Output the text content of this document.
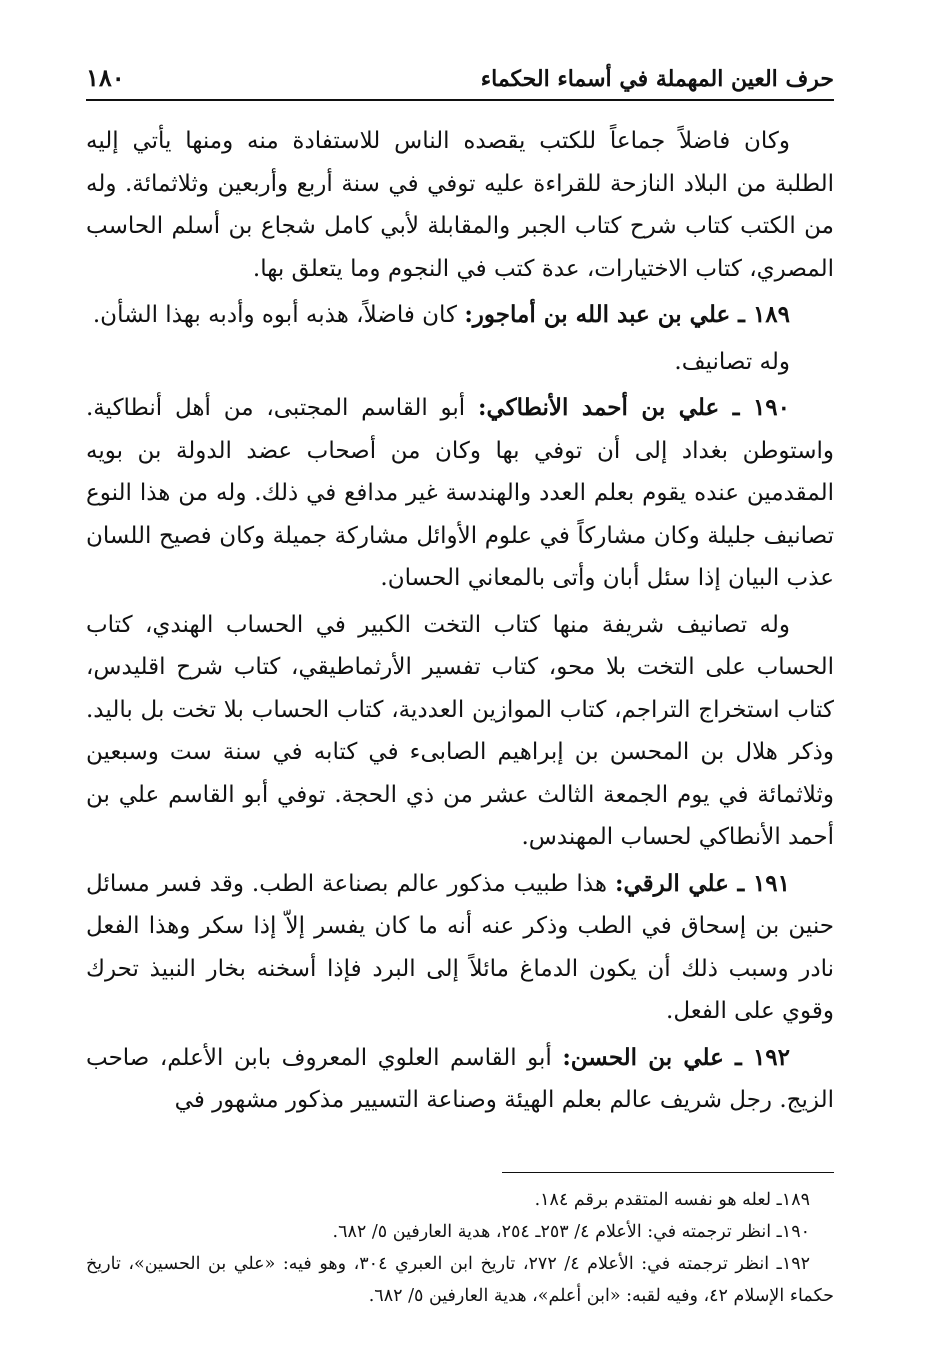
حرف العين المهملة في أسماء الحكماء
١٨٠

وكان فاضلاً جماعاً للكتب يقصده الناس للاستفادة منه ومنها يأتي إليه الطلبة من البلاد النازحة للقراءة عليه توفي في سنة أربع وأربعين وثلاثمائة. وله من الكتب كتاب شرح كتاب الجبر والمقابلة لأبي كامل شجاع بن أسلم الحاسب المصري، كتاب الاختيارات، عدة كتب في النجوم وما يتعلق بها.

١٨٩ ـ علي بن عبد الله بن أماجور: كان فاضلاً، هذبه أبوه وأدبه بهذا الشأن.

وله تصانيف.

١٩٠ ـ علي بن أحمد الأنطاكي: أبو القاسم المجتبى، من أهل أنطاكية. واستوطن بغداد إلى أن توفي بها وكان من أصحاب عضد الدولة بن بويه المقدمين عنده يقوم بعلم العدد والهندسة غير مدافع في ذلك. وله من هذا النوع تصانيف جليلة وكان مشاركاً في علوم الأوائل مشاركة جميلة وكان فصيح اللسان عذب البيان إذا سئل أبان وأتى بالمعاني الحسان.

وله تصانيف شريفة منها كتاب التخت الكبير في الحساب الهندي، كتاب الحساب على التخت بلا محو، كتاب تفسير الأرثماطيقي، كتاب شرح اقليدس، كتاب استخراج التراجم، كتاب الموازين العددية، كتاب الحساب بلا تخت بل باليد. وذكر هلال بن المحسن بن إبراهيم الصابىء في كتابه في سنة ست وسبعين وثلاثمائة في يوم الجمعة الثالث عشر من ذي الحجة. توفي أبو القاسم علي بن أحمد الأنطاكي لحساب المهندس.

١٩١ ـ علي الرقي: هذا طبيب مذكور عالم بصناعة الطب. وقد فسر مسائل حنين بن إسحاق في الطب وذكر عنه أنه ما كان يفسر إلاّ إذا سكر وهذا الفعل نادر وسبب ذلك أن يكون الدماغ مائلاً إلى البرد فإذا أسخنه بخار النبيذ تحرك وقوي على الفعل.

١٩٢ ـ علي بن الحسن: أبو القاسم العلوي المعروف بابن الأعلم، صاحب الزيج. رجل شريف عالم بعلم الهيئة وصناعة التسيير مذكور مشهور في

١٨٩ـ لعله هو نفسه المتقدم برقم ١٨٤.

١٩٠ـ انظر ترجمته في: الأعلام ٤/ ٢٥٣ـ ٢٥٤، هدية العارفين ٥/ ٦٨٢.

١٩٢ـ انظر ترجمته في: الأعلام ٤/ ٢٧٢، تاريخ ابن العبري ٣٠٤، وهو فيه: «علي بن الحسين»، تاريخ حكماء الإسلام ٤٢، وفيه لقبه: «ابن أعلم»، هدية العارفين ٥/ ٦٨٢.
